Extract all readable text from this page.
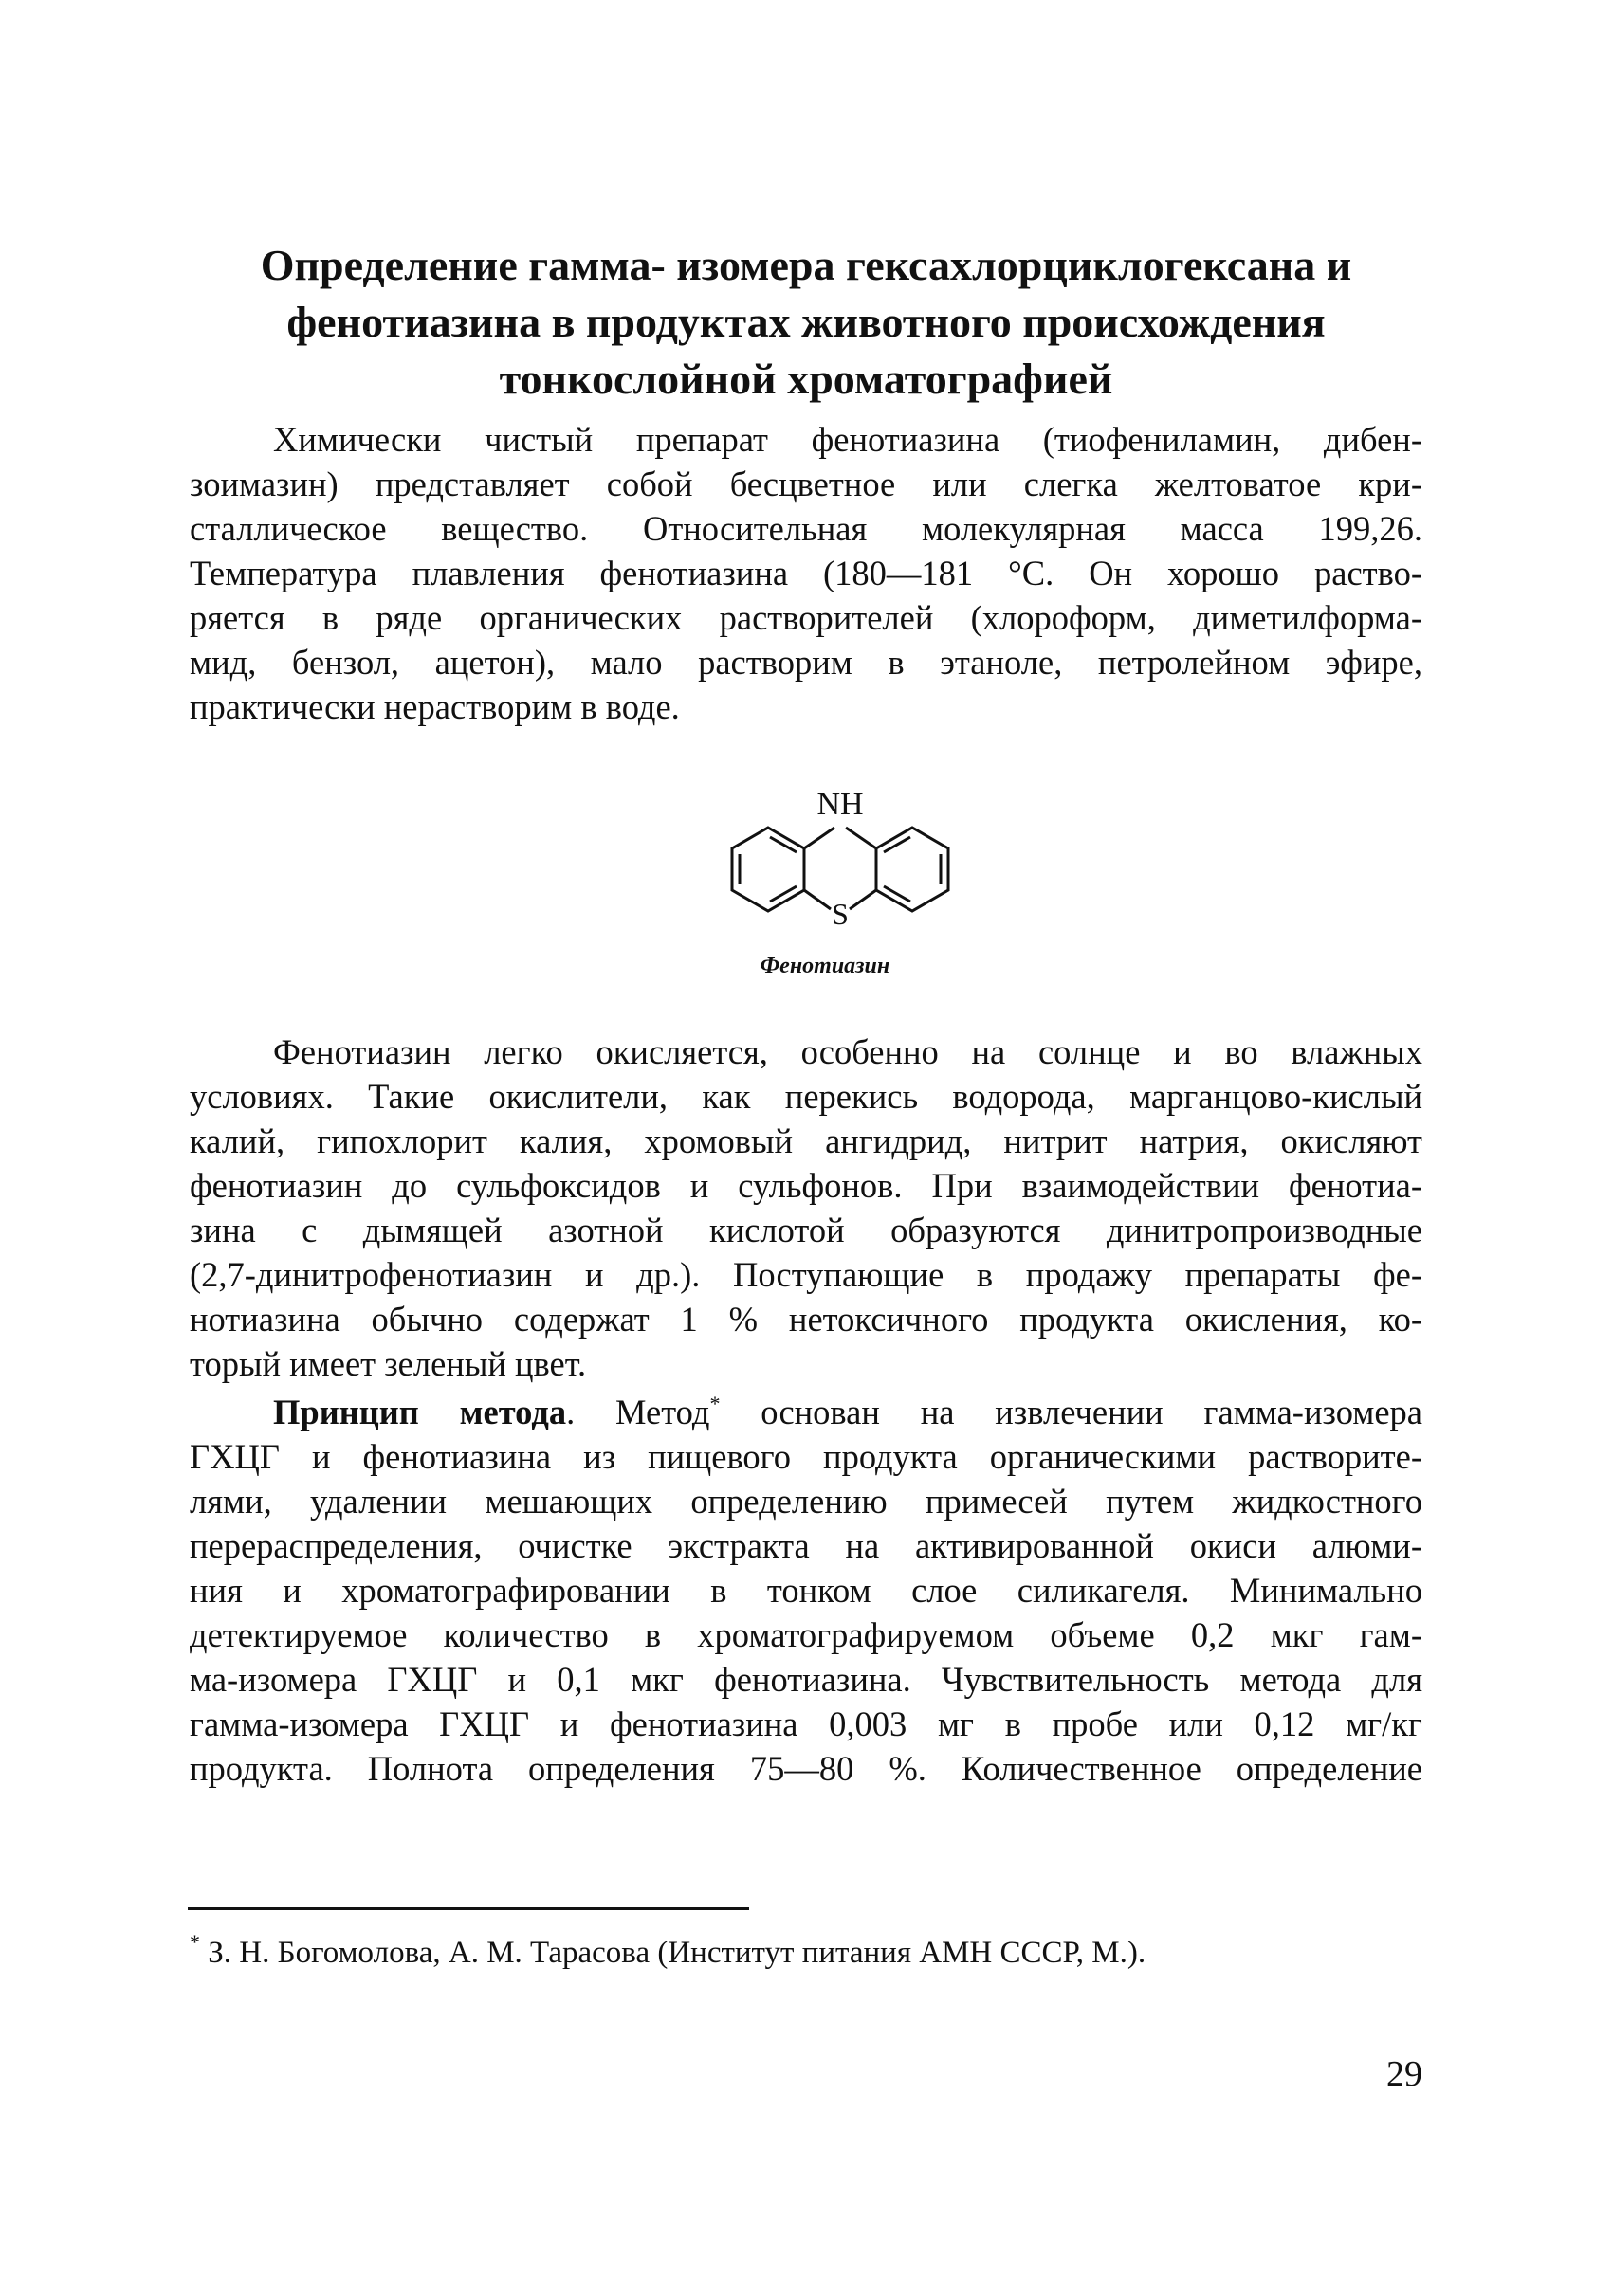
Определение гамма- изомера гексахлорциклогексана и
фенотиазина в продуктах животного происхождения
тонкослойной хроматографией

Химически чистый препарат фенотиазина (тиофениламин, дибен-
зоимазин) представляет собой бесцветное или слегка желтоватое кри-
сталлическое вещество. Относительная молекулярная масса 199,26.
Температура плавления фенотиазина (180—181 °С. Он хорошо раство-
ряется в ряде органических растворителей (хлороформ, диметилформа-
мид, бензол, ацетон), мало растворим в этаноле, петролейном эфире,
практически нерастворим в воде.

NH
S

Фенотиазин

Фенотиазин легко окисляется, особенно на солнце и во влажных
условиях. Такие окислители, как перекись водорода, марганцово-кислый
калий, гипохлорит калия, хромовый ангидрид, нитрит натрия, окисляют
фенотиазин до сульфоксидов и сульфонов. При взаимодействии фенотиа-
зина с дымящей азотной кислотой образуются динитропроизводные
(2,7-динитрофенотиазин и др.). Поступающие в продажу препараты фе-
нотиазина обычно содержат 1 % нетоксичного продукта окисления, ко-
торый имеет зеленый цвет.

Принцип метода. Метод* основан на извлечении гамма-изомера
ГХЦГ и фенотиазина из пищевого продукта органическими растворите-
лями, удалении мешающих определению примесей путем жидкостного
перераспределения, очистке экстракта на активированной окиси алюми-
ния и хроматографировании в тонком слое силикагеля. Минимально
детектируемое количество в хроматографируемом объеме 0,2 мкг гам-
ма-изомера ГХЦГ и 0,1 мкг фенотиазина. Чувствительность метода для
гамма-изомера ГХЦГ и фенотиазина 0,003 мг в пробе или 0,12 мг/кг
продукта. Полнота определения 75—80 %. Количественное определение

* З. Н. Богомолова, А. М. Тарасова (Институт питания АМН СССР, М.).

29
